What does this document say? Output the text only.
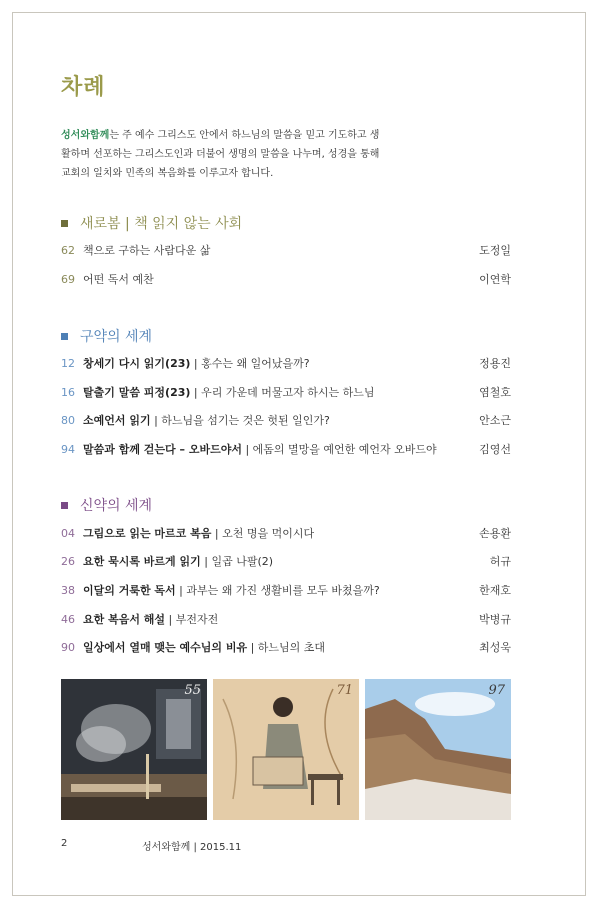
차례
성서와함께는 주 예수 그리스도 안에서 하느님의 말씀을 믿고 기도하고 생활하며 선포하는 그리스도인과 더불어 생명의 말씀을 나누며, 성경을 통해 교회의 일치와 민족의 복음화를 이루고자 합니다.
새로봄 | 책 읽지 않는 사회
62 책으로 구하는 사람다운 삶	도정일
69 어떤 독서 예찬	이연학
구약의 세계
12 창세기 다시 읽기(23) | 홍수는 왜 일어났을까?	정용진
16 탈출기 말씀 피정(23) | 우리 가운데 머물고자 하시는 하느님	염철호
80 소예언서 읽기 | 하느님을 섬기는 것은 헛된 일인가?	안소근
94 말씀과 함께 걷는다 – 오바드야서 | 에돔의 멸망을 예언한 예언자 오바드야	김영선
신약의 세계
04 그림으로 읽는 마르코 복음 | 오천 명을 먹이시다	손용환
26 요한 묵시록 바르게 읽기 | 일곱 나팔(2)	허규
38 이달의 거룩한 독서 | 과부는 왜 가진 생활비를 모두 바쳤을까?	한재호
46 요한 복음서 해설 | 부전자전	박병규
90 일상에서 열매 맺는 예수님의 비유 | 하느님의 초대	최성욱
55	71	97
2	성서와함께 | 2015.11
